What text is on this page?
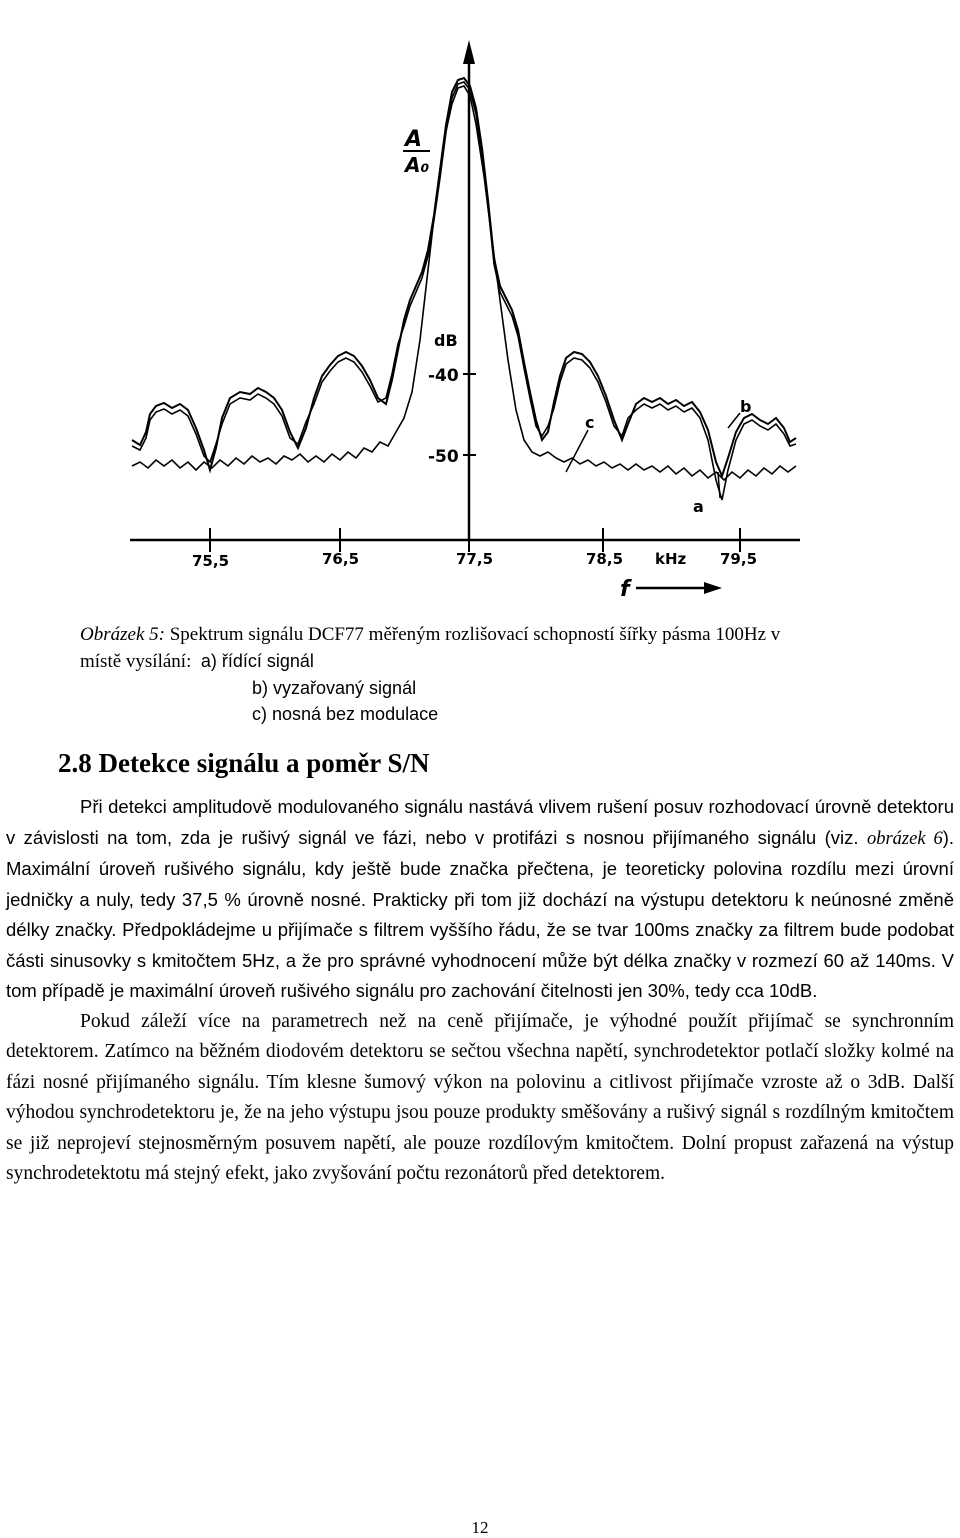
A
A₀
dB
-40
-50
75,5	76,5	77,5	78,5 kHz 79,5
f
a
b
c
Obrázek 5: Spektrum signálu DCF77 měřeným rozlišovací schopností šířky pásma 100Hz v
místě vysílání: a) řídící signál
b) vyzařovaný signál
c) nosná bez modulace
2.8 Detekce signálu a poměr S/N

Při detekci amplitudově modulovaného signálu nastává vlivem rušení posuv rozhodovací úrovně detektoru v závislosti na tom, zda je rušivý signál ve fázi, nebo v protifázi s nosnou přijímaného signálu (viz. obrázek 6). Maximální úroveň rušivého signálu, kdy ještě bude značka přečtena, je teoreticky polovina rozdílu mezi úrovní jedničky a nuly, tedy 37,5 % úrovně nosné. Prakticky při tom již dochází na výstupu detektoru k neúnosné změně délky značky. Předpokládejme u přijímače s filtrem vyššího řádu, že se tvar 100ms značky za filtrem bude podobat části sinusovky s kmitočtem 5Hz, a že pro správné vyhodnocení může být délka značky v rozmezí 60 až 140ms. V tom případě je maximální úroveň rušivého signálu pro zachování čitelnosti jen 30%, tedy cca 10dB.

Pokud záleží více na parametrech než na ceně přijímače, je výhodné použít přijímač se synchronním detektorem. Zatímco na běžném diodovém detektoru se sečtou všechna napětí, synchrodetektor potlačí složky kolmé na fázi nosné přijímaného signálu. Tím klesne šumový výkon na polovinu a citlivost přijímače vzroste až o 3dB. Další výhodou synchrodetektoru je, že na jeho výstupu jsou pouze produkty směšovány a rušivý signál s rozdílným kmitočtem se již neprojeví stejnosměrným posuvem napětí, ale pouze rozdílovým kmitočtem. Dolní propust zařazená na výstup synchrodetektotu má stejný efekt, jako zvyšování počtu rezonátorů před detektorem.

12
